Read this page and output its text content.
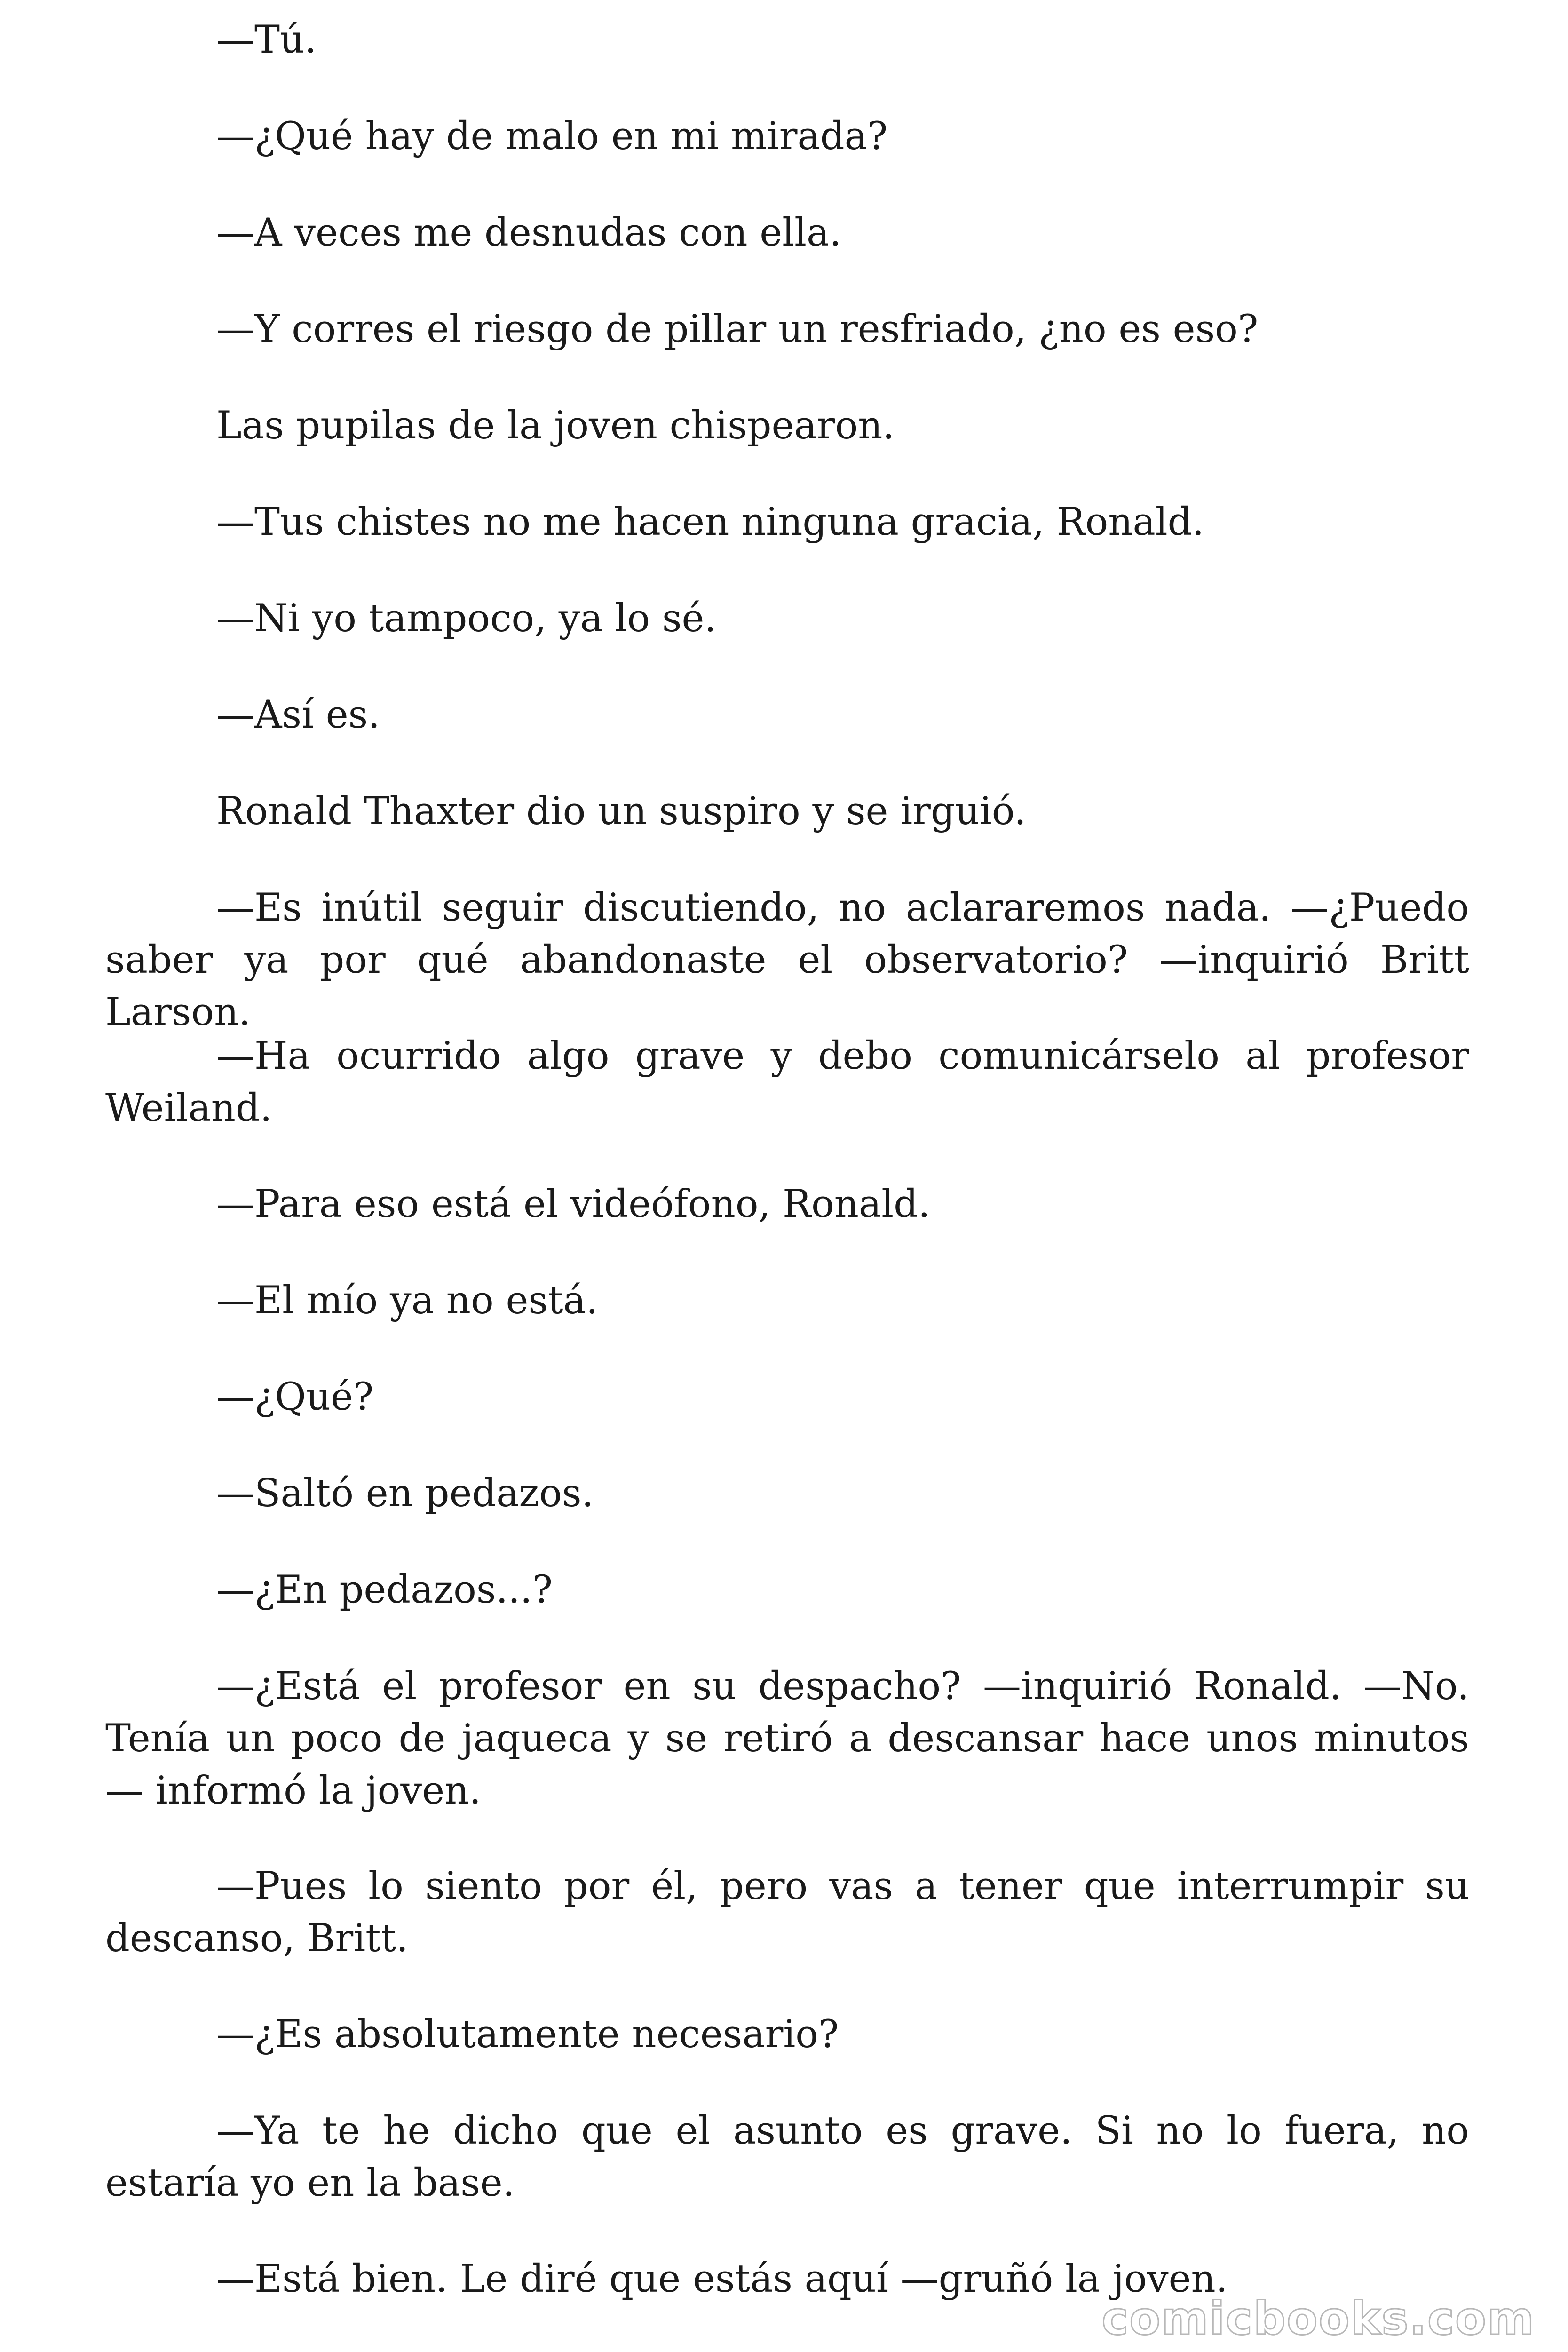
—Tú.

—¿Qué hay de malo en mi mirada?

—A veces me desnudas con ella.

—Y corres el riesgo de pillar un resfriado, ¿no es eso?

Las pupilas de la joven chispearon.

—Tus chistes no me hacen ninguna gracia, Ronald.

—Ni yo tampoco, ya lo sé.

—Así es.

Ronald Thaxter dio un suspiro y se irguió.

—Es inútil seguir discutiendo, no aclararemos nada. —¿Puedo saber ya por qué abandonaste el observatorio? —inquirió Britt Larson.

—Ha ocurrido algo grave y debo comunicárselo al profesor Weiland.

—Para eso está el videófono, Ronald.

—El mío ya no está.

—¿Qué?

—Saltó en pedazos.

—¿En pedazos...?

—¿Está el profesor en su despacho? —inquirió Ronald. —No. Tenía un poco de jaqueca y se retiró a descansar hace unos minutos — informó la joven.

—Pues lo siento por él, pero vas a tener que interrumpir su descanso, Britt.

—¿Es absolutamente necesario?

—Ya te he dicho que el asunto es grave. Si no lo fuera, no estaría yo en la base.

—Está bien. Le diré que estás aquí —gruñó la joven.

comicbooks.com
